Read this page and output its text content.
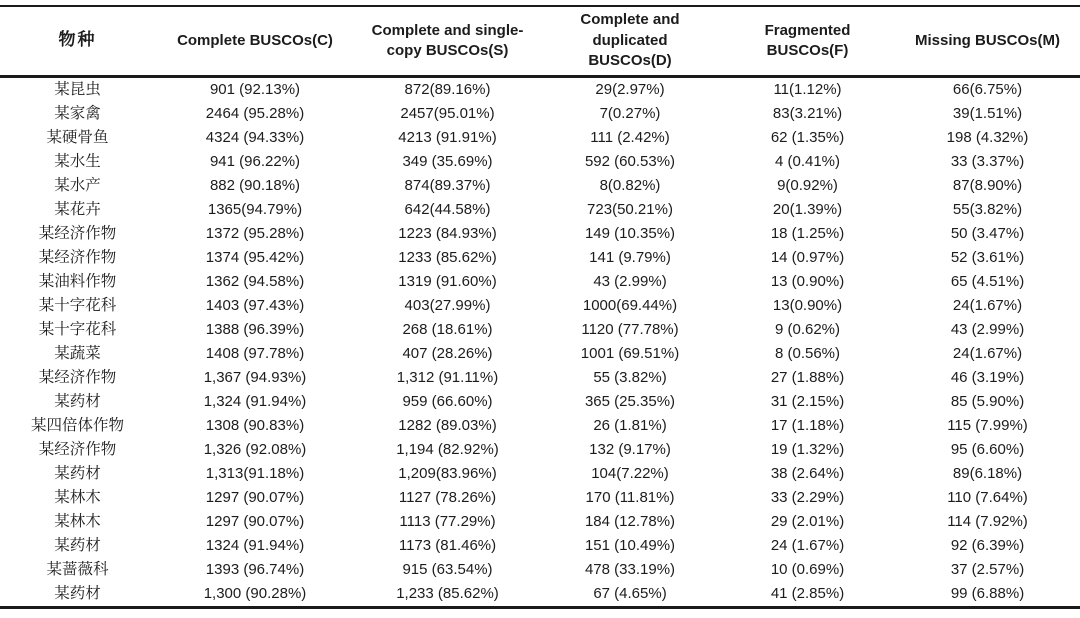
物种	Complete BUSCOs(C)	Complete and single-copy BUSCOs(S)	Complete and duplicated BUSCOs(D)	Fragmented BUSCOs(F)	Missing BUSCOs(M)
某昆虫	901 (92.13%)	872(89.16%)	29(2.97%)	11(1.12%)	66(6.75%)
某家禽	2464 (95.28%)	2457(95.01%)	7(0.27%)	83(3.21%)	39(1.51%)
某硬骨鱼	4324 (94.33%)	4213 (91.91%)	111 (2.42%)	62 (1.35%)	198 (4.32%)
某水生	941 (96.22%)	349 (35.69%)	592 (60.53%)	4 (0.41%)	33 (3.37%)
某水产	882 (90.18%)	874(89.37%)	8(0.82%)	9(0.92%)	87(8.90%)
某花卉	1365(94.79%)	642(44.58%)	723(50.21%)	20(1.39%)	55(3.82%)
某经济作物	1372 (95.28%)	1223 (84.93%)	149 (10.35%)	18 (1.25%)	50 (3.47%)
某经济作物	1374 (95.42%)	1233 (85.62%)	141 (9.79%)	14 (0.97%)	52 (3.61%)
某油料作物	1362 (94.58%)	1319 (91.60%)	43 (2.99%)	13 (0.90%)	65 (4.51%)
某十字花科	1403 (97.43%)	403(27.99%)	1000(69.44%)	13(0.90%)	24(1.67%)
某十字花科	1388 (96.39%)	268 (18.61%)	1120 (77.78%)	9 (0.62%)	43 (2.99%)
某蔬菜	1408 (97.78%)	407 (28.26%)	1001 (69.51%)	8 (0.56%)	24(1.67%)
某经济作物	1,367 (94.93%)	1,312 (91.11%)	55 (3.82%)	27 (1.88%)	46 (3.19%)
某药材	1,324 (91.94%)	959 (66.60%)	365 (25.35%)	31 (2.15%)	85 (5.90%)
某四倍体作物	1308 (90.83%)	1282 (89.03%)	26 (1.81%)	17 (1.18%)	115 (7.99%)
某经济作物	1,326 (92.08%)	1,194 (82.92%)	132 (9.17%)	19 (1.32%)	95 (6.60%)
某药材	1,313(91.18%)	1,209(83.96%)	104(7.22%)	38 (2.64%)	89(6.18%)
某林木	1297 (90.07%)	1127 (78.26%)	170 (11.81%)	33 (2.29%)	110 (7.64%)
某林木	1297 (90.07%)	1113 (77.29%)	184 (12.78%)	29 (2.01%)	114 (7.92%)
某药材	1324 (91.94%)	1173 (81.46%)	151 (10.49%)	24 (1.67%)	92 (6.39%)
某蔷薇科	1393 (96.74%)	915 (63.54%)	478 (33.19%)	10 (0.69%)	37 (2.57%)
某药材	1,300 (90.28%)	1,233 (85.62%)	67 (4.65%)	41 (2.85%)	99 (6.88%)
